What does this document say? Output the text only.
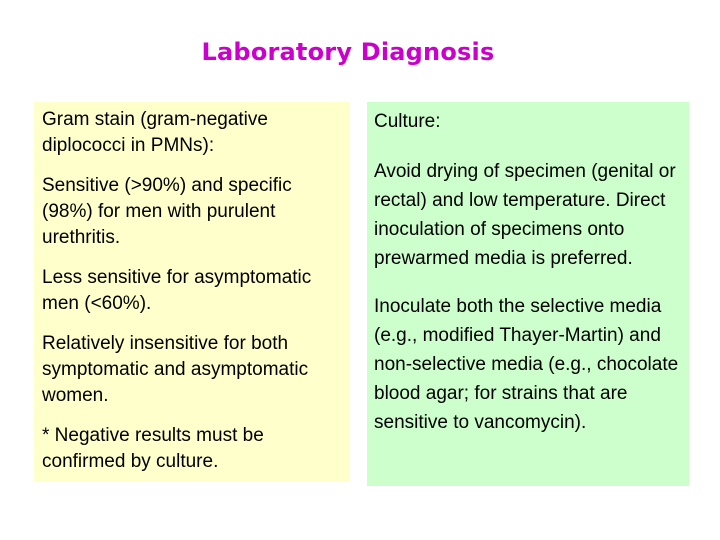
Laboratory Diagnosis

Gram stain (gram-negative diplococci in PMNs):

Sensitive (>90%) and specific (98%) for men with purulent urethritis.

Less sensitive for asymptomatic men (<60%).

Relatively insensitive for both symptomatic and asymptomatic women.

* Negative results must be confirmed by culture.

Culture:

Avoid drying of specimen (genital or rectal) and low temperature. Direct inoculation of specimens onto prewarmed media is preferred.

Inoculate both the selective media (e.g., modified Thayer-Martin) and non-selective media (e.g., chocolate blood agar; for strains that are sensitive to vancomycin).
